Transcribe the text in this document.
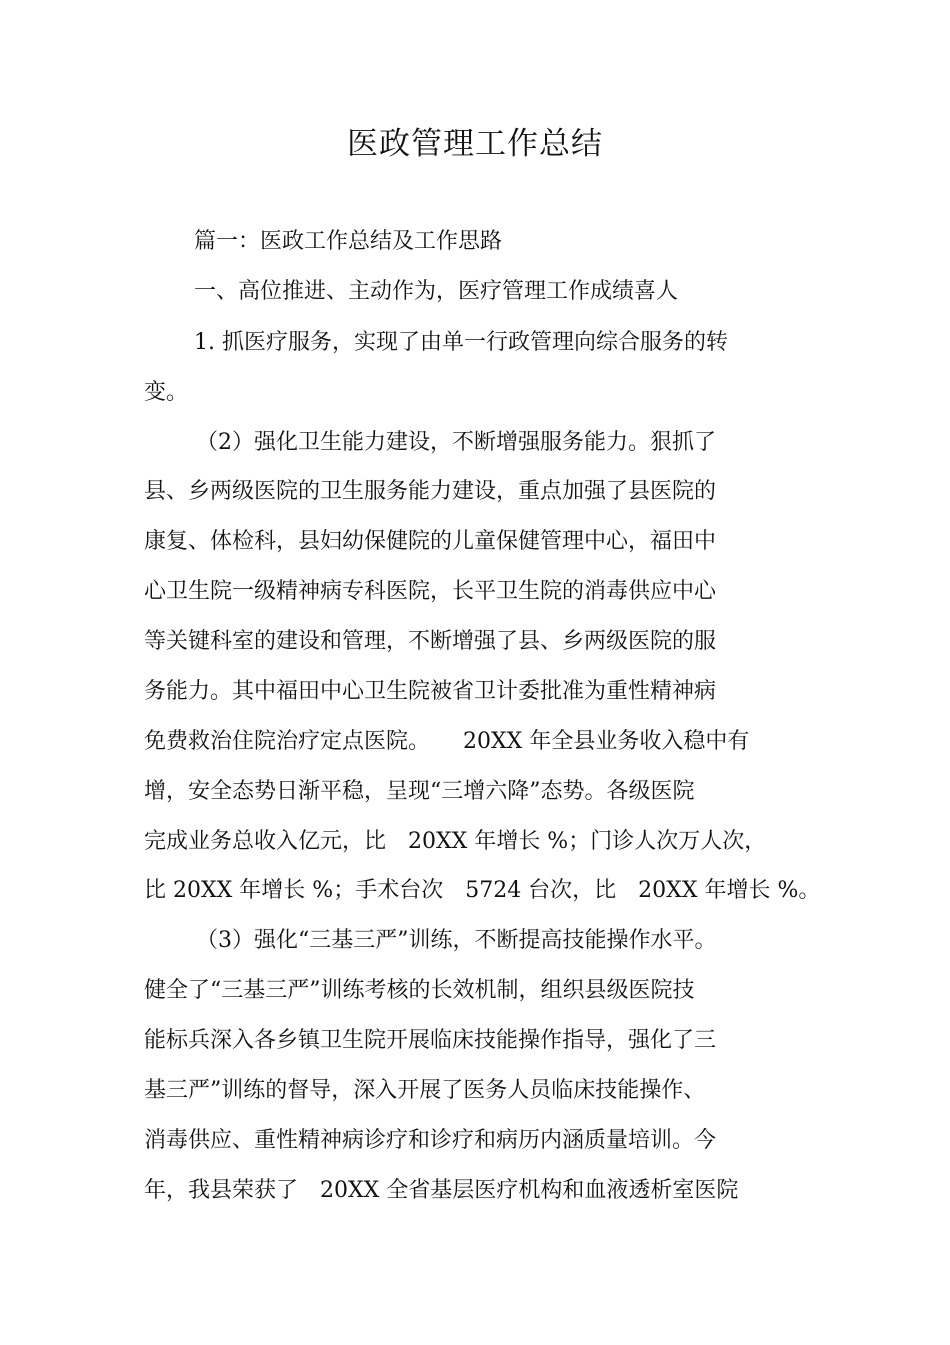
医政管理工作总结

篇一：医政工作总结及工作思路

一、高位推进、主动作为，医疗管理工作成绩喜人

1. 抓医疗服务，实现了由单一行政管理向综合服务的转

变。

（2）强化卫生能力建设，不断增强服务能力。狠抓了

县、乡两级医院的卫生服务能力建设，重点加强了县医院的

康复、体检科，县妇幼保健院的儿童保健管理中心，福田中

心卫生院一级精神病专科医院，长平卫生院的消毒供应中心

等关键科室的建设和管理，不断增强了县、乡两级医院的服

务能力。其中福田中心卫生院被省卫计委批准为重性精神病

免费救治住院治疗定点医院。　　20XX 年全县业务收入稳中有

增，安全态势日渐平稳，呈现“三增六降”态势。各级医院

完成业务总收入亿元，比　20XX 年增长 %；门诊人次万人次，

比 20XX 年增长 %；手术台次　5724 台次，比　20XX 年增长 %。

（3）强化“三基三严”训练，不断提高技能操作水平。

健全了“三基三严”训练考核的长效机制，组织县级医院技

能标兵深入各乡镇卫生院开展临床技能操作指导，强化了三

基三严”训练的督导，深入开展了医务人员临床技能操作、

消毒供应、重性精神病诊疗和诊疗和病历内涵质量培训。今

年，我县荣获了　20XX 全省基层医疗机构和血液透析室医院
